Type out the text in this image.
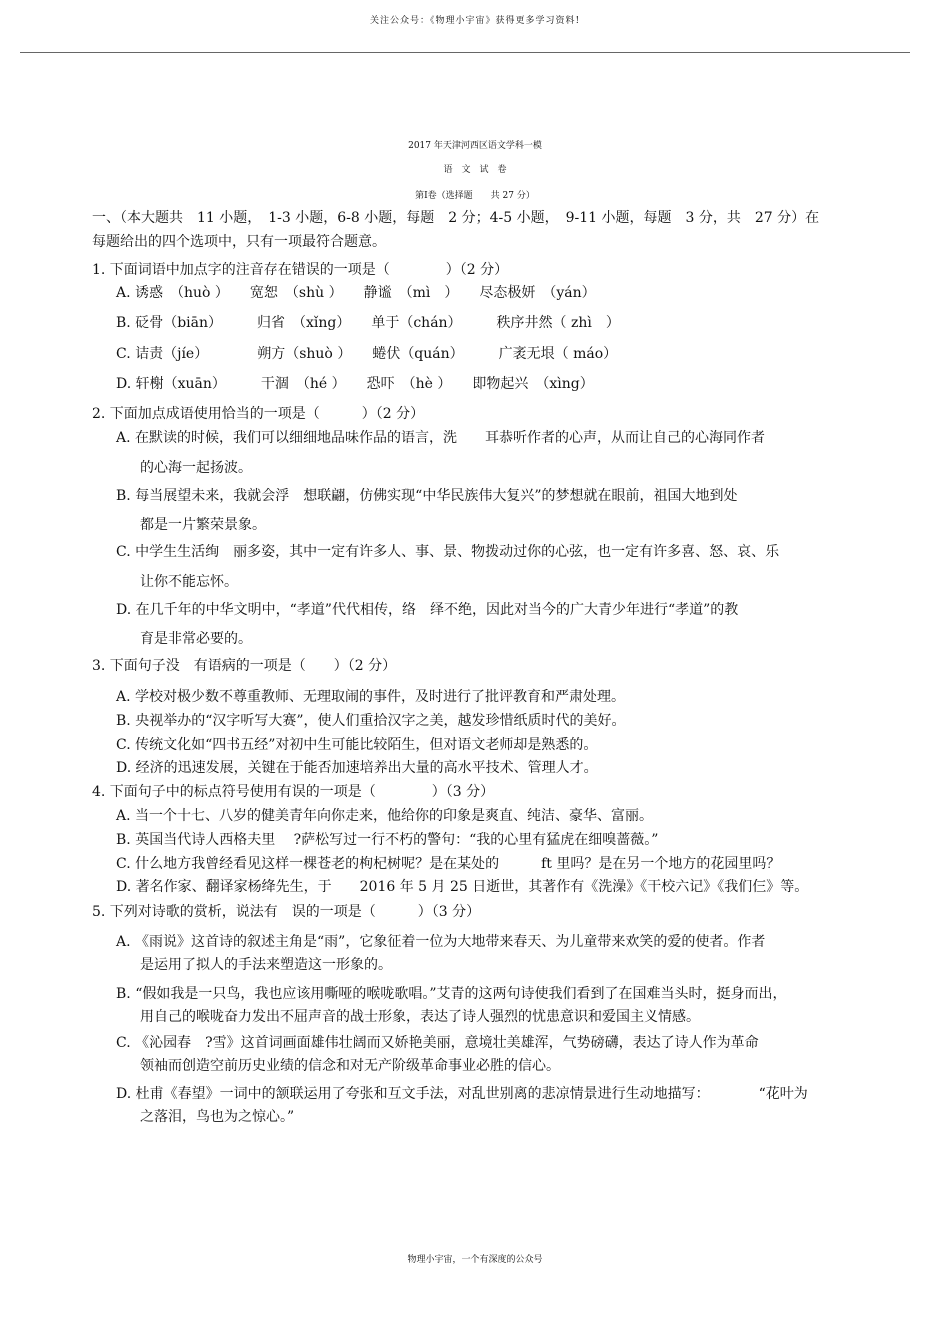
关注公众号：《物理小宇宙》获得更多学习资料!
2017 年天津河西区语文学科一模
语　文　试　卷
第Ⅰ卷（选择题　　共 27 分）
一、（本大题共　11 小题，　1-3 小题，6-8 小题，每题　2 分；4-5 小题，　9-11 小题，每题　3 分，共　27 分）在
每题给出的四个选项中，只有一项最符合题意。
1. 下面词语中加点字的注音存在错误的一项是（　　　　）（2 分）
A. 诱惑　（huò ）　　宽恕　（shù ）　　静谧　（mì　）　　尽态极妍　（yán）
B. 砭骨（biān）　　　归省　（xǐng）　　单于（chán）　　　秩序井然（ zhì　）
C. 诘责（jíe）　　　　朔方（shuò ）　　蜷伏（quán）　　　广袤无垠（ máo）
D. 轩榭（xuān）　　　干涸　（hé ）　　恐吓　（hè ）　　即物起兴　（xìng）
2. 下面加点成语使用恰当的一项是（　　　）（2 分）
A. 在默读的时候，我们可以细细地品味作品的语言，洗　　耳恭听作者的心声，从而让自己的心海同作者
的心海一起扬波。
B. 每当展望未来，我就会浮　想联翩，仿佛实现“中华民族伟大复兴”的梦想就在眼前，祖国大地到处
都是一片繁荣景象。
C. 中学生生活绚　丽多姿，其中一定有许多人、事、景、物拨动过你的心弦，也一定有许多喜、怒、哀、乐
让你不能忘怀。
D. 在几千年的中华文明中，“孝道”代代相传，络　绎不绝，因此对当今的广大青少年进行“孝道”的教
育是非常必要的。
3. 下面句子没　有语病的一项是（　　）（2 分）
A. 学校对极少数不尊重教师、无理取闹的事件，及时进行了批评教育和严肃处理。
B. 央视举办的“汉字听写大赛”，使人们重拾汉字之美，越发珍惜纸质时代的美好。
C. 传统文化如“四书五经”对初中生可能比较陌生，但对语文老师却是熟悉的。
D. 经济的迅速发展，关键在于能否加速培养出大量的高水平技术、管理人才。
4. 下面句子中的标点符号使用有误的一项是（　　　　）（3 分）
A. 当一个十七、八岁的健美青年向你走来，他给你的印象是爽直、纯洁、豪华、富丽。
B. 英国当代诗人西格夫里　 ?萨松写过一行不朽的警句：“我的心里有猛虎在细嗅蔷薇。”
C. 什么地方我曾经看见这样一棵苍老的枸杞树呢？是在某处的　　　ft 里吗？是在另一个地方的花园里吗？
D. 著名作家、翻译家杨绛先生，于　　2016 年 5 月 25 日逝世，其著作有《洗澡》《干校六记》《我们仨》等。
5. 下列对诗歌的赏析，说法有　误的一项是（　　　）（3 分）
A. 《雨说》这首诗的叙述主角是“雨”，它象征着一位为大地带来春天、为儿童带来欢笑的爱的使者。作者
是运用了拟人的手法来塑造这一形象的。
B. “假如我是一只鸟，我也应该用嘶哑的喉咙歌唱。”艾青的这两句诗使我们看到了在国难当头时，挺身而出，
用自己的喉咙奋力发出不屈声音的战士形象，表达了诗人强烈的忧患意识和爱国主义情感。
C. 《沁园春　?雪》这首词画面雄伟壮阔而又娇艳美丽，意境壮美雄浑，气势磅礴，表达了诗人作为革命
领袖而创造空前历史业绩的信念和对无产阶级革命事业必胜的信心。
D. 杜甫《春望》一词中的颔联运用了夸张和互文手法，对乱世别离的悲凉情景进行生动地描写：　　　　“花叶为
之落泪，鸟也为之惊心。”
物理小宇宙，一个有深度的公众号
